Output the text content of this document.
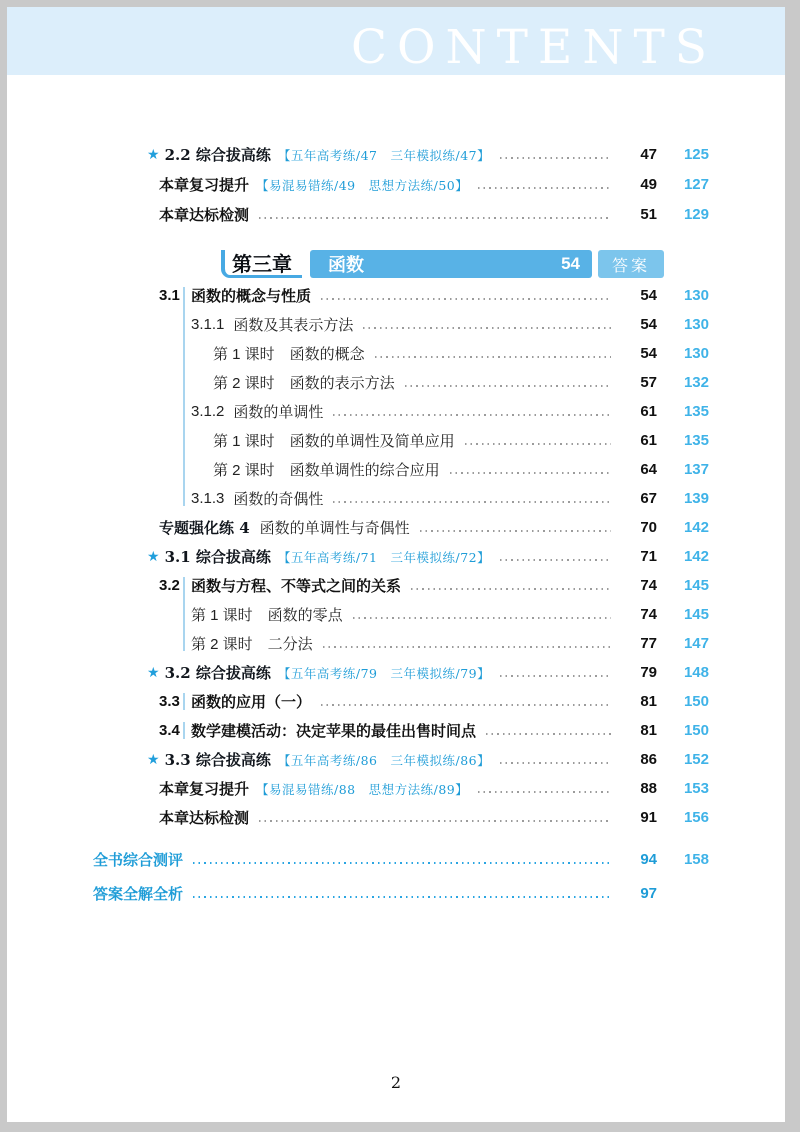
CONTENTS
★ 2.2 综合拔高练 【五年高考练/47　三年模拟练/47】	47	125
本章复习提升 【易混易错练/49　思想方法练/50】	49	127
本章达标检测	51	129
第三章	函数	54	答案
3.1 函数的概念与性质	54	130
3.1.1 函数及其表示方法	54	130
第 1 课时　函数的概念	54	130
第 2 课时　函数的表示方法	57	132
3.1.2 函数的单调性	61	135
第 1 课时　函数的单调性及简单应用	61	135
第 2 课时　函数单调性的综合应用	64	137
3.1.3 函数的奇偶性	67	139
专题强化练 4 函数的单调性与奇偶性	70	142
★ 3.1 综合拔高练 【五年高考练/71　三年模拟练/72】	71	142
3.2 函数与方程、不等式之间的关系	74	145
第 1 课时　函数的零点	74	145
第 2 课时　二分法	77	147
★ 3.2 综合拔高练 【五年高考练/79　三年模拟练/79】	79	148
3.3 函数的应用（一）	81	150
3.4 数学建模活动：决定苹果的最佳出售时间点	81	150
★ 3.3 综合拔高练 【五年高考练/86　三年模拟练/86】	86	152
本章复习提升 【易混易错练/88　思想方法练/89】	88	153
本章达标检测	91	156
全书综合测评	94	158
答案全解全析	97
2
